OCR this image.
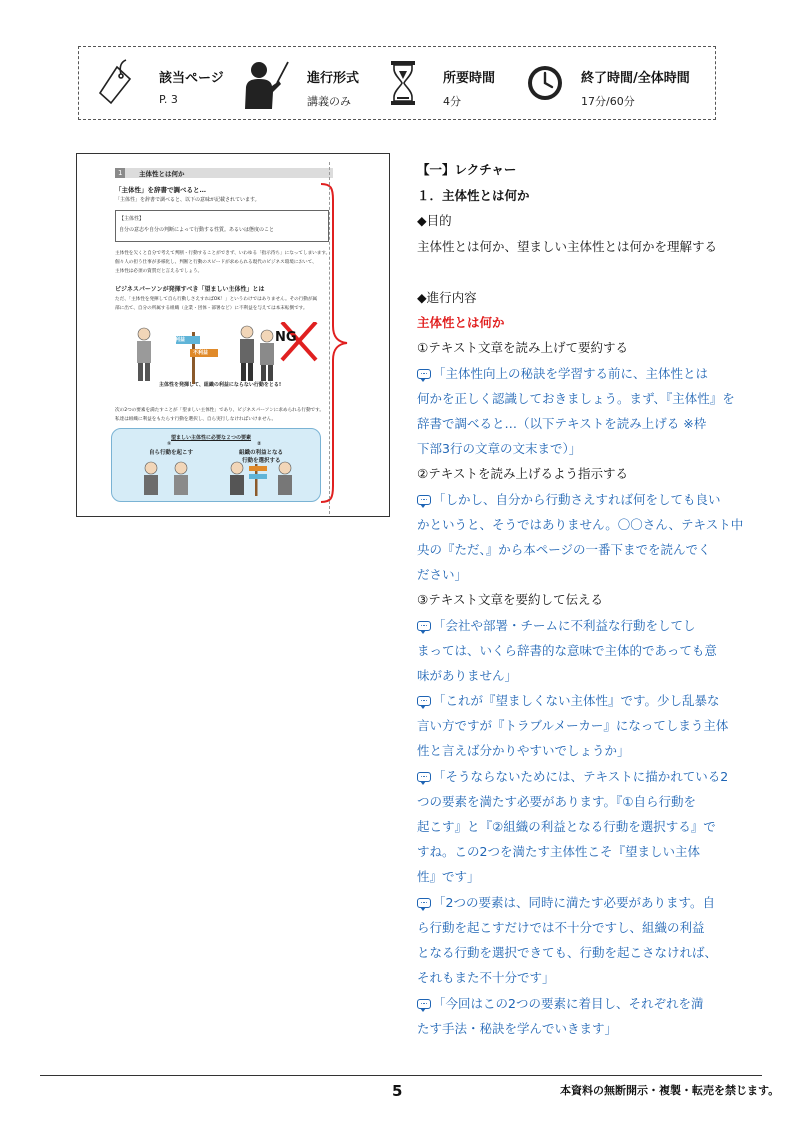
該当ページ
P. 3
進行形式
講義のみ
所要時間
4分
終了時間/全体時間
17分/60分
1	主体性とは何か
「主体性」を辞書で調べると…
「主体性」を辞書で調べると、以下の意味が記載されています。
【主体性】
自分の意志や自分の判断によって行動する性質。あるいは態度のこと
主体性を欠くと自分で考えて判断・行動することができず、いわゆる「指示待ち」になってしまいます。
個々人の担う仕事が多様化し、判断と行動のスピードが求められる現代のビジネス環境において、
主体性は必須の資質だと言えるでしょう。
ビジネスパーソンが発揮すべき「望ましい主体性」とは
ただ、「主体性を発揮して自ら行動しさえすればOK！」というわけではありません。その行動が属
部に出て、自分の所属する組織（企業・団体・部署など）に不利益を与えては本末転倒です。
利益
不利益
NG
主体性を発揮して、組織の利益にならない行動をとる!
次の2つの要素を満たすことが「望ましい主体性」であり、ビジネスパーソンに求められる行動です。
私達は組織に利益をもたらす行動を選択し、自ら実行しなければいけません。
望ましい主体性に必要な２つの要素
①
自ら行動を起こす
②
組織の利益となる
行動を選択する
【一】レクチャー
１．主体性とは何か
◆目的
主体性とは何か、望ましい主体性とは何かを理解する
◆進行内容
主体性とは何か
①テキスト文章を読み上げて要約する
「主体性向上の秘訣を学習する前に、主体性とは
何かを正しく認識しておきましょう。まず、『主体性』を
辞書で調べると…（以下テキストを読み上げる ※枠
下部3行の文章の文末まで）」
②テキストを読み上げるよう指示する
「しかし、自分から行動さえすれば何をしても良い
かというと、そうではありません。〇〇さん、テキスト中
央の『ただ、』から本ページの一番下までを読んでく
ださい」
③テキスト文章を要約して伝える
「会社や部署・チームに不利益な行動をしてし
まっては、いくら辞書的な意味で主体的であっても意
味がありません」
「これが『望ましくない主体性』です。少し乱暴な
言い方ですが『トラブルメーカー』になってしまう主体
性と言えば分かりやすいでしょうか」
「そうならないためには、テキストに描かれている2
つの要素を満たす必要があります。『①自ら行動を
起こす』と『②組織の利益となる行動を選択する』で
すね。この2つを満たす主体性こそ『望ましい主体
性』です」
「2つの要素は、同時に満たす必要があります。自
ら行動を起こすだけでは不十分ですし、組織の利益
となる行動を選択できても、行動を起こさなければ、
それもまた不十分です」
「今回はこの2つの要素に着目し、それぞれを満
たす手法・秘訣を学んでいきます」
5	本資料の無断開示・複製・転売を禁じます。
